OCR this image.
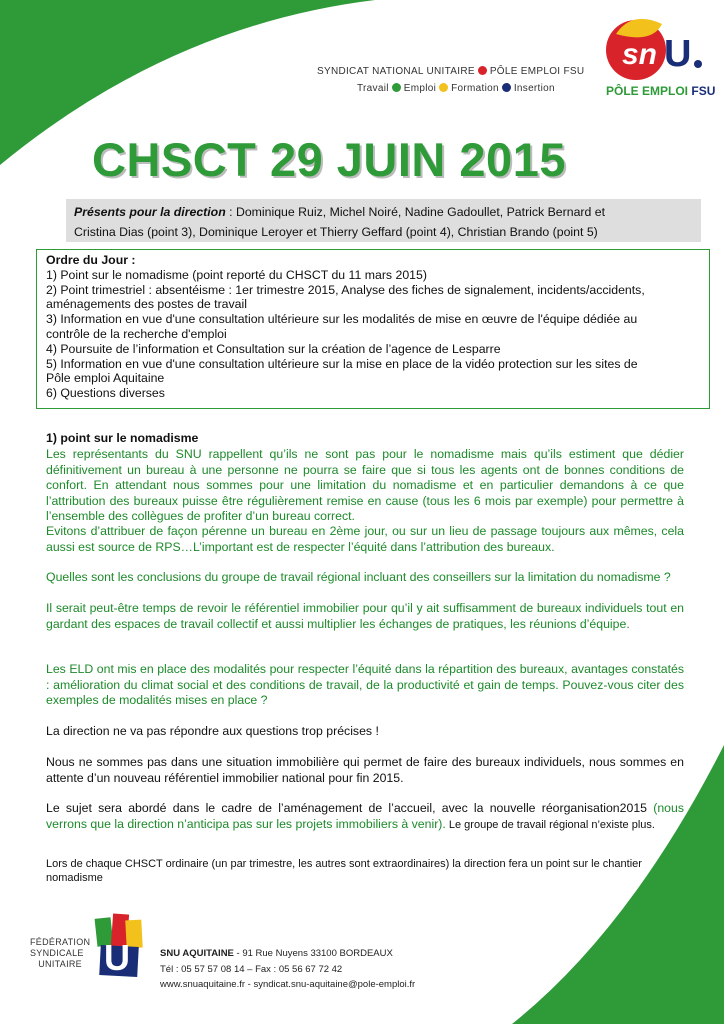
sn U
PÔLE EMPLOI FSU
SYNDICAT NATIONAL UNITAIRE PÔLE EMPLOI FSU
Travail Emploi Formation Insertion
CHSCT 29 JUIN 2015
Présents pour la direction : Dominique Ruiz, Michel Noiré, Nadine Gadoullet, Patrick Bernard et
Cristina Dias (point 3), Dominique Leroyer et Thierry Geffard (point 4), Christian Brando (point 5)
Ordre du Jour :
1) Point sur le nomadisme (point reporté du CHSCT du 11 mars 2015)
2) Point trimestriel : absentéisme : 1er trimestre 2015, Analyse des fiches de signalement, incidents/accidents,
aménagements des postes de travail
3) Information en vue d'une consultation ultérieure sur les modalités de mise en œuvre de l'équipe dédiée au
contrôle de la recherche d'emploi
4) Poursuite de l’information et Consultation sur la création de l’agence de Lesparre
5) Information en vue d'une consultation ultérieure sur la mise en place de la vidéo protection sur les sites de
Pôle emploi Aquitaine
6) Questions diverses
1) point sur le nomadisme
Les représentants du SNU rappellent qu’ils ne sont pas pour le nomadisme mais qu’ils estiment que dédier définitivement un bureau à une personne ne pourra se faire que si tous les agents ont de bonnes conditions de confort. En attendant nous sommes pour une limitation du nomadisme et en particulier demandons à ce que l’attribution des bureaux puisse être régulièrement remise en cause (tous les 6 mois par exemple) pour permettre à l’ensemble des collègues de profiter d’un bureau correct.
Evitons d’attribuer de façon pérenne un bureau en 2ème jour, ou sur un lieu de passage toujours aux mêmes, cela aussi est source de RPS…L’important est de respecter l’équité dans l’attribution des bureaux.
Quelles sont les conclusions du groupe de travail régional incluant des conseillers sur la limitation du nomadisme ?
Il serait peut-être temps de revoir le référentiel immobilier pour qu’il y ait suffisamment de bureaux individuels tout en gardant des espaces de travail collectif et aussi multiplier les échanges de pratiques, les réunions d’équipe.
Les ELD ont mis en place des modalités pour respecter l’équité dans la répartition des bureaux, avantages constatés : amélioration du climat social et des conditions de travail, de la productivité et gain de temps. Pouvez-vous citer des exemples de modalités mises en place ?
La direction ne va pas répondre aux questions trop précises !
Nous ne sommes pas dans une situation immobilière qui permet de faire des bureaux individuels, nous sommes en attente d’un nouveau référentiel immobilier national pour fin 2015.
Le sujet sera abordé dans le cadre de l’aménagement de l’accueil, avec la nouvelle réorganisation2015 (nous verrons que la direction n’anticipa pas sur les projets immobiliers à venir). Le groupe de travail régional n’existe plus.
Lors de chaque CHSCT ordinaire (un par trimestre, les autres sont extraordinaires) la direction fera un point sur le chantier nomadisme
FÉDÉRATION
SYNDICALE
UNITAIRE U	SNU AQUITAINE - 91 Rue Nuyens 33100 BORDEAUX
Tél : 05 57 57 08 14 – Fax : 05 56 67 72 42
www.snuaquitaine.fr - syndicat.snu-aquitaine@pole-emploi.fr
